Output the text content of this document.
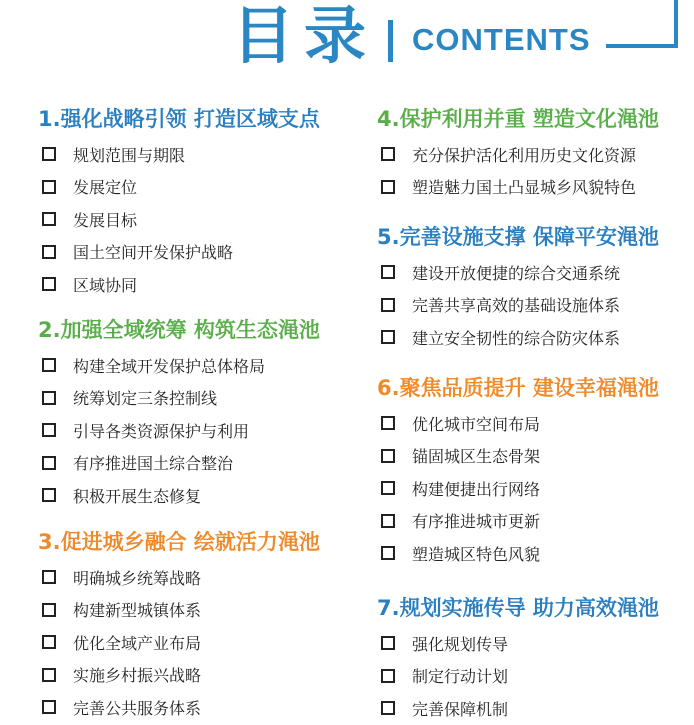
目录 CONTENTS
1.强化战略引领 打造区域支点
规划范围与期限
发展定位
发展目标
国土空间开发保护战略
区域协同
2.加强全域统筹 构筑生态渑池
构建全域开发保护总体格局
统筹划定三条控制线
引导各类资源保护与利用
有序推进国土综合整治
积极开展生态修复
3.促进城乡融合 绘就活力渑池
明确城乡统筹战略
构建新型城镇体系
优化全域产业布局
实施乡村振兴战略
完善公共服务体系
4.保护利用并重 塑造文化渑池
充分保护活化利用历史文化资源
塑造魅力国土凸显城乡风貌特色
5.完善设施支撑 保障平安渑池
建设开放便捷的综合交通系统
完善共享高效的基础设施体系
建立安全韧性的综合防灾体系
6.聚焦品质提升 建设幸福渑池
优化城市空间布局
锚固城区生态骨架
构建便捷出行网络
有序推进城市更新
塑造城区特色风貌
7.规划实施传导 助力高效渑池
强化规划传导
制定行动计划
完善保障机制
